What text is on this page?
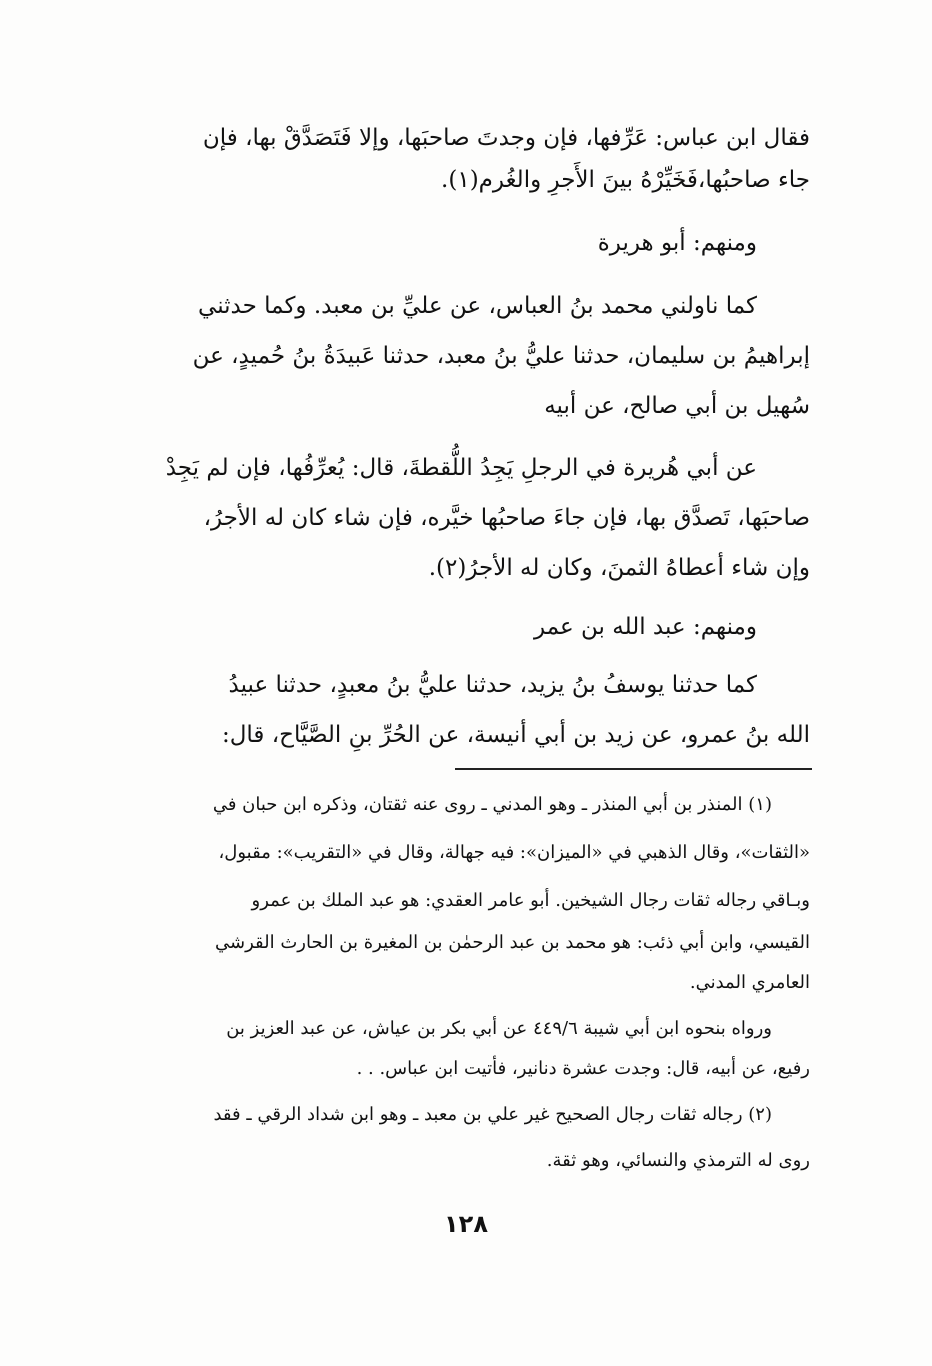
فقال ابن عباس: عَرِّفها، فإن وجدتَ صاحبَها، وإلا فَتَصَدَّقْ بها، فإن
جاء صاحبُها،فَخَيِّرْهُ بينَ الأَجرِ والغُرم(١).
ومنهم: أبو هريرة
كما ناولني محمد بنُ العباس، عن عليِّ بن معبد. وكما حدثني
إبراهيمُ بن سليمان، حدثنا عليُّ بنُ معبد، حدثنا عَبيدَةُ بنُ حُميدٍ، عن
سُهيل بن أبي صالح، عن أبيه
عن أبي هُريرة في الرجلِ يَجِدُ اللُّقطةَ، قال: يُعرِّفُها، فإن لم يَجِدْ
صاحبَها، تَصدَّق بها، فإن جاءَ صاحبُها خيَّره، فإن شاء كان له الأجرُ،
وإن شاء أعطاهُ الثمنَ، وكان له الأجرُ(٢).
ومنهم: عبد الله بن عمر
كما حدثنا يوسفُ بنُ يزيد، حدثنا عليُّ بنُ معبدٍ، حدثنا عبيدُ
الله بنُ عمرو، عن زيد بن أبي أنيسة، عن الحُرِّ بنِ الصَّيَّاح، قال:
(١) المنذر بن أبي المنذر ـ وهو المدني ـ روى عنه ثقتان، وذكره ابن حبان في
«الثقات»، وقال الذهبي في «الميزان»: فيه جهالة، وقال في «التقريب»: مقبول،
وبـاقي رجاله ثقات رجال الشيخين. أبو عامر العقدي: هو عبد الملك بن عمرو
القيسي، وابن أبي ذئب: هو محمد بن عبد الرحمٰن بن المغيرة بن الحارث القرشي
العامري المدني.
ورواه بنحوه ابن أبي شيبة ٤٤٩/٦ عن أبي بكر بن عياش، عن عبد العزيز بن
رفيع، عن أبيه، قال: وجدت عشرة دنانير، فأتيت ابن عباس. . .
(٢) رجاله ثقات رجال الصحيح غير علي بن معبد ـ وهو ابن شداد الرقي ـ فقد
روى له الترمذي والنسائي، وهو ثقة.
١٢٨
